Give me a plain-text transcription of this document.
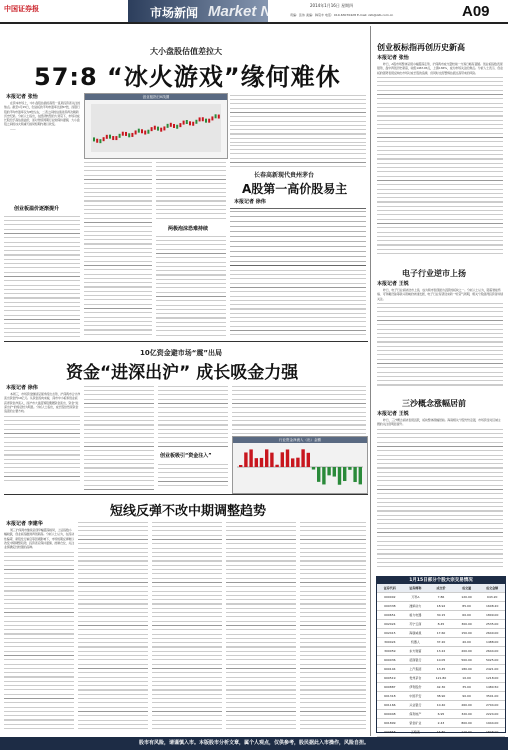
中国证券报	市场新闻 Market News	2014年1月16日 星期四
责编：张伟 美编：韩景丰 电话：010-63070428 E-mail: zzb@zzb.com.cn	A09
大小盘股估值差拉大
57:8 “冰火游戏”缘何难休
本报记者 张怡

在资本市场上，中小盘股估值的高低一直是投资者关注的焦点。截至1月15日，创业板的平均市盈率达到57倍，而银行股的平均市盈率仅为8倍左右，二者之间的估值差异再次刷新历史纪录。分析人士指出，在经济转型的大背景下，市场对成长股给予高估值溢价，而对传统周期行业则保持谨慎，大小盘股之间的冰火两重天格局短期内难以改变。

——

创业板溢价逐渐提升
创业板指日K线图
两极泡沫恐难持续
长春高新现代贵州茅台
A股第一高价股易主
本报记者 徐伟
创业板标指再创历史新高
本报记者 张怡

昨日，A股市场整体呈现小幅震荡走势，沪深两市成交量较前一交易日略有萎缩。创业板指数表现强势，盘中再创历史新高，收报1467.45点，上涨0.84%，成为市场关注的焦点。分析人士表示，创业板的强势表现反映出市场对成长股的追捧，但同时也需警惕估值过高带来的风险。

电子行业逆市上扬
本报记者 王锐

昨日，电子行业板块逆市上扬，成为两市表现最为活跃的板块之一。分析人士认为，随着智能终端、可穿戴设备等新兴领域的快速发展，电子行业有望迎来新一轮景气周期，相关个股值得投资者持续关注。

三沙概念涨幅居前
本报记者 王锐

昨日，三沙概念板块表现活跃，板块整体涨幅居前。海南相关个股纷纷走强，市场资金对区域主题的关注度明显提升。

1月15日部分个股大宗交易情况
证券代码	证券简称	成交价	成交量	成交金额
000002	万科A	7.86	120.00	943.20
000338	潍柴动力	18.92	85.00	1608.20
000651	格力电器	30.15	60.00	1809.00
002024	苏宁云商	8.45	300.00	2535.00
002415	海康威视	17.60	150.00	2640.00
300024	机器人	37.20	40.00	1488.00
300059	东方财富	13.22	200.00	2644.00
600036	招商银行	10.05	500.00	5025.00
600104	上汽集团	13.45	180.00	2421.00
600519	贵州茅台	121.80	10.00	1218.00
600887	伊利股份	42.30	35.00	1480.50
601318	中国平安	38.90	90.00	3501.00
601166	兴业银行	10.40	260.00	2704.00
600048	保利地产	6.95	320.00	2224.00
601899	紫金矿业	2.43	800.00	1944.00
000858	五粮液	16.80	110.00	1848.00
10亿资金避市场“震”出局
资金“进深出沪” 成长吸金力强
本报记者 徐伟

本周三，市场资金继续呈现净流出态势，沪深两市合计净流出资金约10亿元。从资金流向来看，深市中小板和创业板获得资金净流入，而沪市大盘蓝筹股遭遇资金流出，资金“进深出沪”的特征较为明显。分析人士指出，成长股依然是资金追逐的主要方向。

创业板吸引“资金注入”
行业资金净流入（出）金额
短线反弹不改中期调整趋势
本报记者 李建华

周三沪深两市继续呈现窄幅震荡格局，上证指数小幅收跌，创业板指数则再创新高。分析人士认为，在流动性偏紧、新股发行重启等因素影响下，市场短期反弹难以改变中期调整趋势，投资者应保持谨慎，控制仓位，关注业绩确定性较强的品种。

股市有风险，请谨慎入市。本版股市分析文章，属个人观点，仅供参考，股民据此入市操作，风险自担。
